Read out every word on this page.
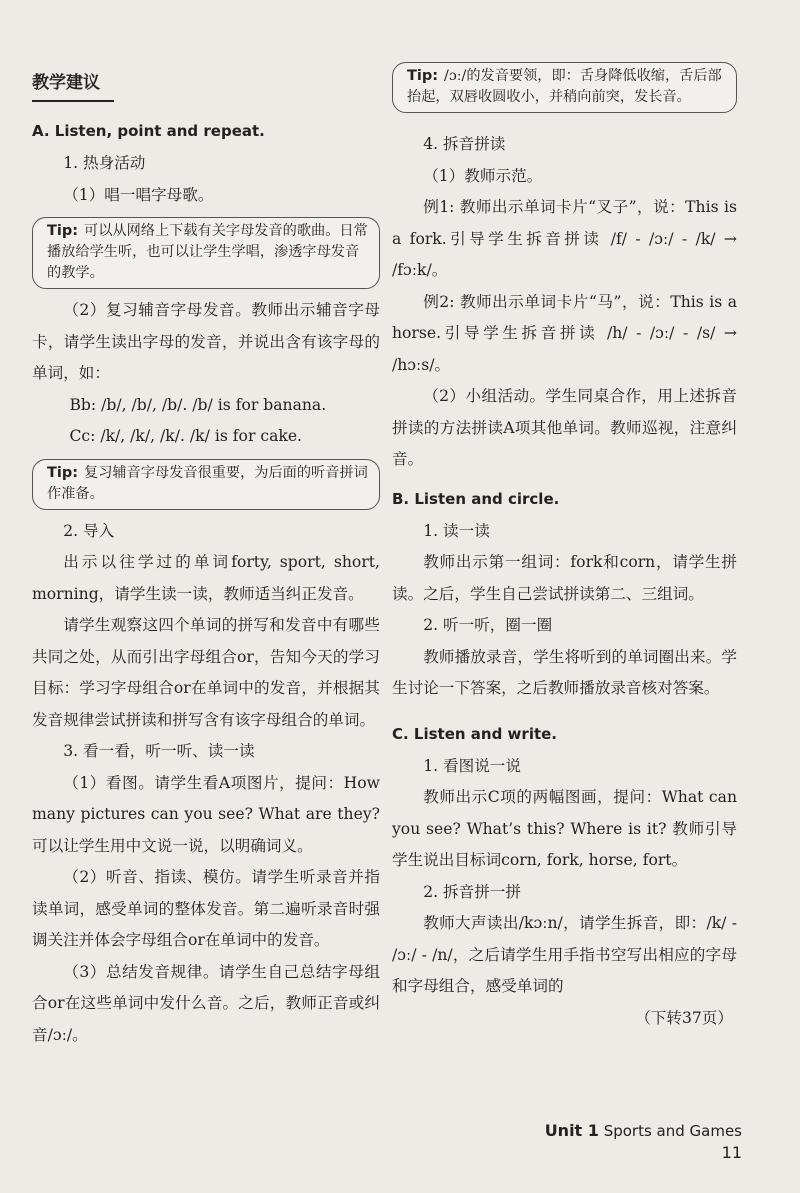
教学建议
A. Listen, point and repeat.

1. 热身活动

（1）唱一唱字母歌。

Tip: 可以从网络上下载有关字母发音的歌曲。日常播放给学生听，也可以让学生学唱，渗透字母发音的教学。

（2）复习辅音字母发音。教师出示辅音字母卡，请学生读出字母的发音，并说出含有该字母的单词，如：

Bb: /b/, /b/, /b/. /b/ is for banana.

Cc: /k/, /k/, /k/. /k/ is for cake.

Tip: 复习辅音字母发音很重要，为后面的听音拼词作准备。

2. 导入

出示以往学过的单词forty, sport, short, morning，请学生读一读，教师适当纠正发音。

请学生观察这四个单词的拼写和发音中有哪些共同之处，从而引出字母组合or，告知今天的学习目标：学习字母组合or在单词中的发音，并根据其发音规律尝试拼读和拼写含有该字母组合的单词。

3. 看一看，听一听、读一读

（1）看图。请学生看A项图片，提问：How many pictures can you see? What are they? 可以让学生用中文说一说，以明确词义。

（2）听音、指读、模仿。请学生听录音并指读单词，感受单词的整体发音。第二遍听录音时强调关注并体会字母组合or在单词中的发音。

（3）总结发音规律。请学生自己总结字母组合or在这些单词中发什么音。之后，教师正音或纠音/ɔː/。

Tip: /ɔː/的发音要领，即：舌身降低收缩，舌后部抬起，双唇收圆收小，并稍向前突，发长音。

4. 拆音拼读

（1）教师示范。

例1: 教师出示单词卡片“叉子”，说：This is a fork.引导学生拆音拼读 /f/ - /ɔː/ - /k/ → /fɔːk/。

例2: 教师出示单词卡片“马”，说：This is a horse.引导学生拆音拼读 /h/ - /ɔː/ - /s/ → /hɔːs/。

（2）小组活动。学生同桌合作，用上述拆音拼读的方法拼读A项其他单词。教师巡视，注意纠音。

B. Listen and circle.

1. 读一读

教师出示第一组词：fork和corn，请学生拼读。之后，学生自己尝试拼读第二、三组词。

2. 听一听，圈一圈

教师播放录音，学生将听到的单词圈出来。学生讨论一下答案，之后教师播放录音核对答案。

C. Listen and write.

1. 看图说一说

教师出示C项的两幅图画，提问：What can you see? What’s this? Where is it? 教师引导学生说出目标词corn, fork, horse, fort。

2. 拆音拼一拼

教师大声读出/kɔːn/，请学生拆音，即：/k/ - /ɔː/ - /n/，之后请学生用手指书空写出相应的字母和字母组合，感受单词的

（下转37页）

Unit 1 Sports and Games 11
